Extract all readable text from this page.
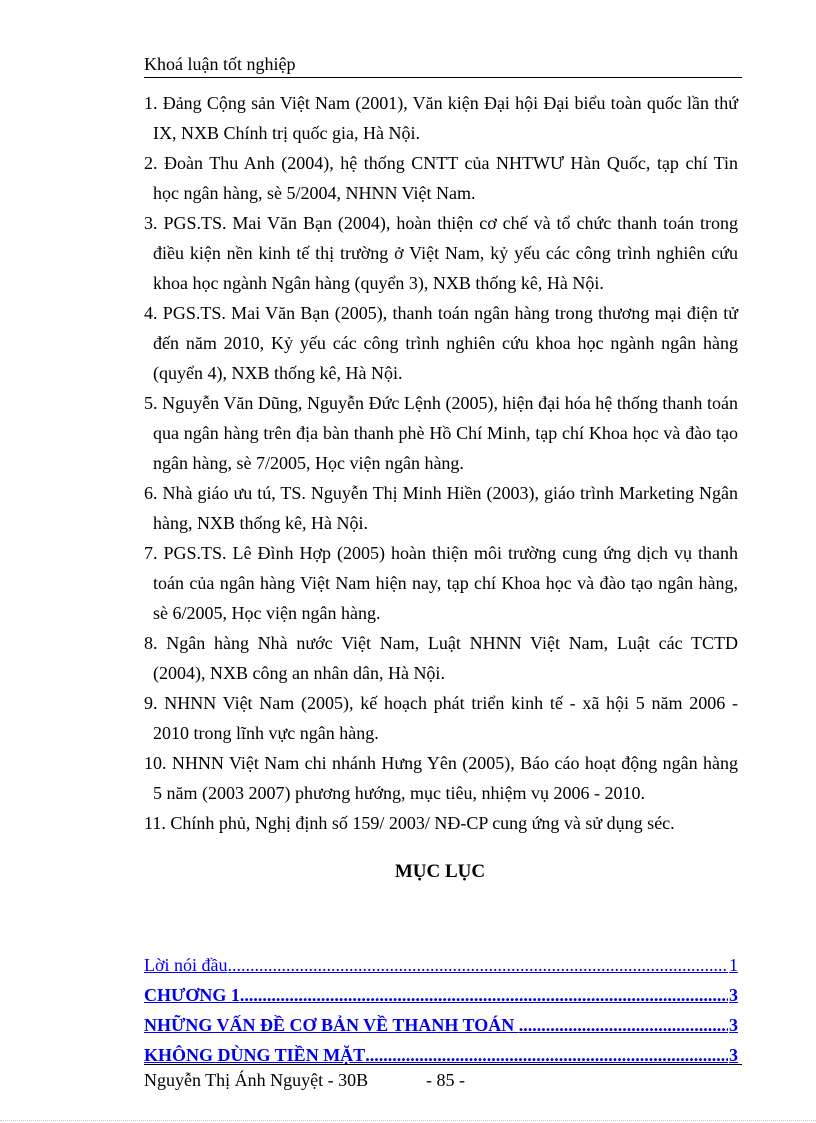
Khoá luận tốt nghiệp
1. Đảng Cộng sản Việt Nam (2001), Văn kiện Đại hội Đại biểu toàn quốc lần thứ IX, NXB Chính trị quốc gia, Hà Nội.
2. Đoàn Thu Anh (2004), hệ thống CNTT của NHTWƯ Hàn Quốc, tạp chí Tin học ngân hàng, sè 5/2004, NHNN Việt Nam.
3. PGS.TS. Mai Văn Bạn (2004), hoàn thiện cơ chế và tổ chức thanh toán trong điều kiện nền kinh tế thị trường ở Việt Nam, kỷ yếu các công trình nghiên cứu khoa học ngành Ngân hàng (quyển 3), NXB thống kê, Hà Nội.
4. PGS.TS. Mai Văn Bạn (2005), thanh toán ngân hàng trong thương mại điện tử đến năm 2010, Kỷ yếu các công trình nghiên cứu khoa học ngành ngân hàng (quyển 4), NXB thống kê, Hà Nội.
5. Nguyễn Văn Dũng, Nguyễn Đức Lệnh (2005), hiện đại hóa hệ thống thanh toán qua ngân hàng trên địa bàn thanh phè Hồ Chí Minh, tạp chí Khoa học và đào tạo ngân hàng, sè 7/2005, Học viện ngân hàng.
6. Nhà giáo ưu tú, TS. Nguyễn Thị Minh Hiền (2003), giáo trình Marketing Ngân hàng, NXB thống kê, Hà Nội.
7. PGS.TS. Lê Đình Hợp (2005) hoàn thiện môi trường cung ứng dịch vụ thanh toán của ngân hàng Việt Nam hiện nay, tạp chí Khoa học và đào tạo ngân hàng, sè 6/2005, Học viện ngân hàng.
8. Ngân hàng Nhà nước Việt Nam, Luật NHNN Việt Nam, Luật các TCTD (2004), NXB công an nhân dân, Hà Nội.
9. NHNN Việt Nam (2005), kế hoạch phát triển kinh tế - xã hội 5 năm 2006 - 2010 trong lĩnh vực ngân hàng.
10. NHNN Việt Nam chi nhánh Hưng Yên (2005), Báo cáo hoạt động ngân hàng 5 năm (2003 2007) phương hướng, mục tiêu, nhiệm vụ 2006 - 2010.
11. Chính phủ, Nghị định số 159/ 2003/ NĐ-CP cung ứng và sử dụng séc.
MỤC LỤC
Lời nói đầu .....	1
CHƯƠNG 1 .....	3
NHỮNG VẤN ĐỀ CƠ BẢN VỀ THANH TOÁN .....	3
KHÔNG DÙNG TIỀN MẶT .....	3
Nguyễn Thị Ánh Nguyệt - 30B	- 85 -
